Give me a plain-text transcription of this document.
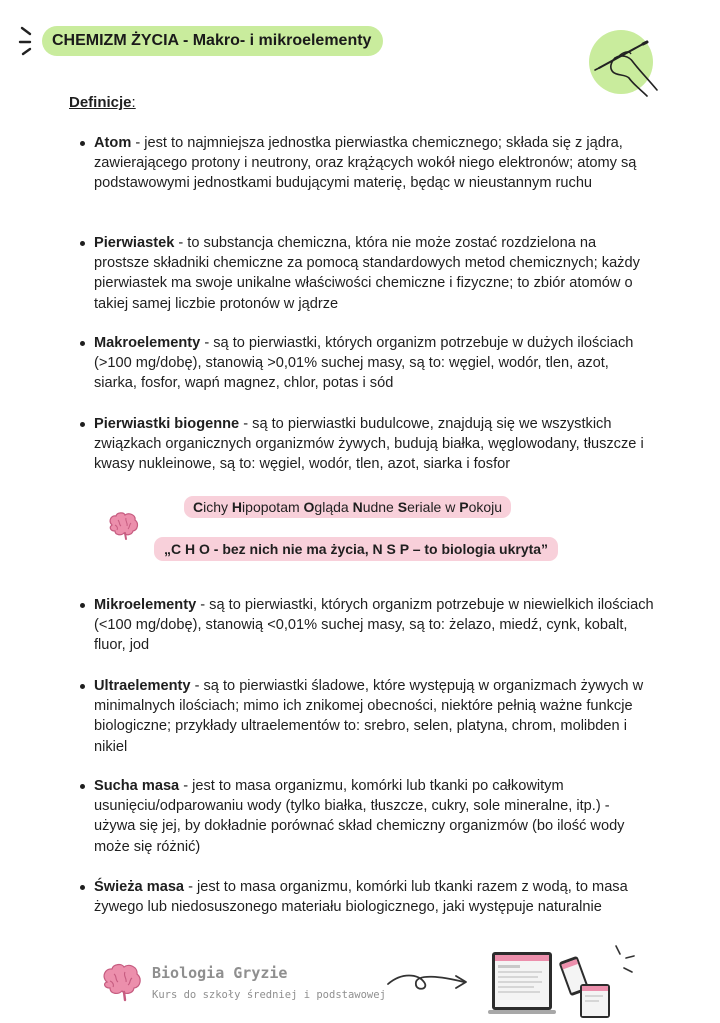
CHEMIZM ŻYCIA - Makro- i mikroelementy
Definicje:
Atom - jest to najmniejsza jednostka pierwiastka chemicznego; składa się z jądra, zawierającego protony i neutrony, oraz krążących wokół niego elektronów; atomy są podstawowymi jednostkami budującymi materię, będąc w nieustannym ruchu
Pierwiastek - to substancja chemiczna, która nie może zostać rozdzielona na prostsze składniki chemiczne za pomocą standardowych metod chemicznych; każdy pierwiastek ma swoje unikalne właściwości chemiczne i fizyczne; to zbiór atomów o takiej samej liczbie protonów w jądrze
Makroelementy - są to pierwiastki, których organizm potrzebuje w dużych ilościach (>100 mg/dobę), stanowią >0,01% suchej masy, są to: węgiel, wodór, tlen, azot, siarka, fosfor, wapń magnez, chlor, potas i sód
Pierwiastki biogenne - są to pierwiastki budulcowe, znajdują się we wszystkich związkach organicznych organizmów żywych, budują białka, węglowodany, tłuszcze i kwasy nukleinowe, są to: węgiel, wodór, tlen, azot, siarka i fosfor
Mikroelementy - są to pierwiastki, których organizm potrzebuje w niewielkich ilościach (<100 mg/dobę), stanowią <0,01% suchej masy, są to: żelazo, miedź, cynk, kobalt, fluor, jod
Ultraelementy - są to pierwiastki śladowe, które występują w organizmach żywych w minimalnych ilościach; mimo ich znikomej obecności, niektóre pełnią ważne funkcje biologiczne; przykłady ultraelementów to: srebro, selen, platyna, chrom, molibden i nikiel
Sucha masa - jest to masa organizmu, komórki lub tkanki po całkowitym usunięciu/odparowaniu wody (tylko białka, tłuszcze, cukry, sole mineralne, itp.) - używa się jej, by dokładnie porównać skład chemiczny organizmów (bo ilość wody może się różnić)
Świeża masa - jest to masa organizmu, komórki lub tkanki razem z wodą, to masa żywego lub niedosuszonego materiału biologicznego, jaki występuje naturalnie
Cichy Hipopotam Ogląda Nudne Seriale w Pokoju
„C H O - bez nich nie ma życia, N S P – to biologia ukryta”
Biologia Gryzie
Kurs do szkoły średniej i podstawowej
